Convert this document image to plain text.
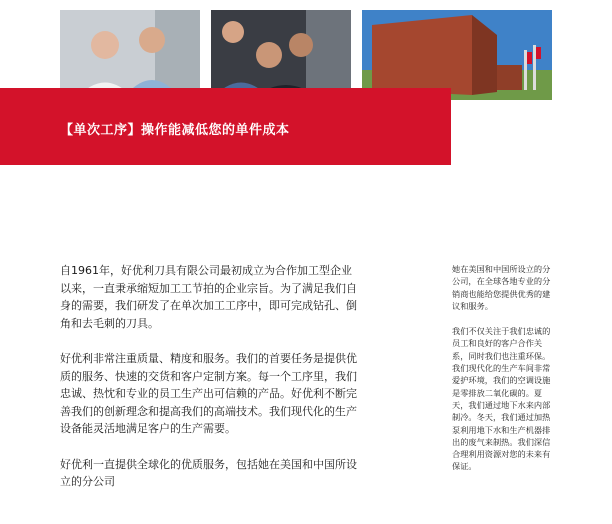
【单次工序】操作能减低您的单件成本

自1961年，好优利刀具有限公司最初成立为合作加工型企业以来，一直秉承缩短加工工节拍的企业宗旨。为了满足我们自身的需要，我们研发了在单次加工工序中，即可完成钻孔、倒角和去毛刺的刀具。

好优利非常注重质量、精度和服务。我们的首要任务是提供优质的服务、快速的交货和客户定制方案。每一个工序里，我们忠诚、热忱和专业的员工生产出可信赖的产品。好优利不断完善我们的创新理念和提高我们的高端技术。我们现代化的生产设备能灵活地满足客户的生产需要。

好优利一直提供全球化的优质服务，包括她在美国和中国所设立的分公司

她在美国和中国所设立的分公司，在全球各地专业的分销商也能给您提供优秀的建议和服务。

我们不仅关注于我们忠诚的员工和良好的客户合作关系，同时我们也注重环保。我们现代化的生产车间非常爱护环境，我们的空调设施是零排放二氧化碳的。夏天，我们通过地下水来内部制冷。冬天，我们通过加热泵利用地下水和生产机器排出的废气来制热。我们深信合理利用资源对您的未来有保证。
